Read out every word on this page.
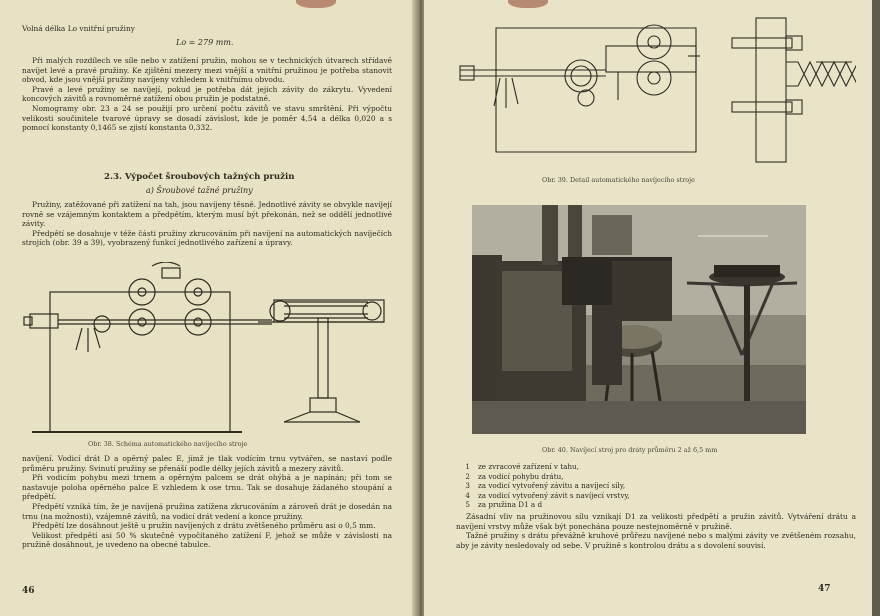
Volná délka Lo vnitřní pružiny
Lo = 279 mm.

Při malých rozdílech ve síle nebo v zatížení pružin, mohou se v technických útvarech střídavě navíjet levé a pravé pružiny. Ke zjištění mezery mezi vnější a vnitřní pružinou je potřeba stanovit obvod, kde jsou vnější pružiny navíjeny vzhledem k vnitřnímu obvodu.

Pravé a levé pružiny se navíjejí, pokud je potřeba dát jejich závity do zákrytu. Vyvedení koncových závitů a rovnoměrné zatížení obou pružin je podstatné.

Nomogramy obr. 23 a 24 se použijí pro určení počtu závitů ve stavu smrštění. Při výpočtu velikosti součinitele tvarové úpravy se dosadí závislost, kde je poměr 4,54 a délka 0,020 a s pomocí konstanty 0,1465 se zjistí konstanta 0,332.

2.3. Výpočet šroubových tažných pružin
a) Šroubové tažné pružiny

Pružiny, zatěžované při zatížení na tah, jsou navíjeny těsně. Jednotlivé závity se obvykle navíjejí rovně se vzájemným kontaktem a předpětím, kterým musí být překonán, než se oddělí jednotlivé závity.

Předpětí se dosahuje v téže části pružiny zkrucováním při navíjení na automatických navíječích strojích (obr. 39 a 39), vyobrazený funkcí jednotlivého zařízení a úpravy.

Obr. 38. Schéma automatického navíjecího stroje

navíjení. Vodicí drát D a opěrný palec E, jímž je tlak vodícím trnu vytvářen, se nastaví podle průměru pružiny. Svinutí pružiny se přenáší podle délky jejích závitů a mezery závitů.

Při vodicím pohybu mezi trnem a opěrným palcem se drát ohýbá a je napínán; při tom se nastavuje poloha opěrného palce E vzhledem k ose trnu. Tak se dosahuje žádaného stoupání a předpětí.

Předpětí vzniká tím, že je navíjená pružina zatížena zkrucováním a zároveň drát je dosedán na trnu (na možnosti), vzájemně závitů, na vodicí drát vedení a konce pružiny.

Předpětí lze dosáhnout ještě u pružin navíjených z drátu zvětšeného průměru asi o 0,5 mm.

Velikost předpětí asi 50 % skutečně vypočítaného zatížení F, jehož se může v závislosti na pružině dosáhnout, je uvedeno na obecné tabulce.

46
Obr. 39. Detail automatického navíjecího stroje
Obr. 40. Navíjecí stroj pro dráty průměru 2 až 6,5 mm

Zásadní vliv na pružinovou sílu vznikají D1 za velikosti předpětí a pružin závitů. Vytváření drátu a navíjení vrstvy může však být ponechána pouze nestejnoměrně v pružině.

Tažné pružiny s drátu převážně kruhové průřezu navíjené nebo s malými závity ve zvětšeném rozsahu, aby je závity nesledovaly od sebe. V pružině s kontrolou drátu a s dovolení souvisí.

47
1 ze zvracové zařízení v tahu,
2 za vodicí pohybu drátu,
3 za vodicí vytvořený závitu a navíjecí síly,
4 za vodicí vytvořený závit s navíjecí vrstvy,
5 za pružina D1 a d
